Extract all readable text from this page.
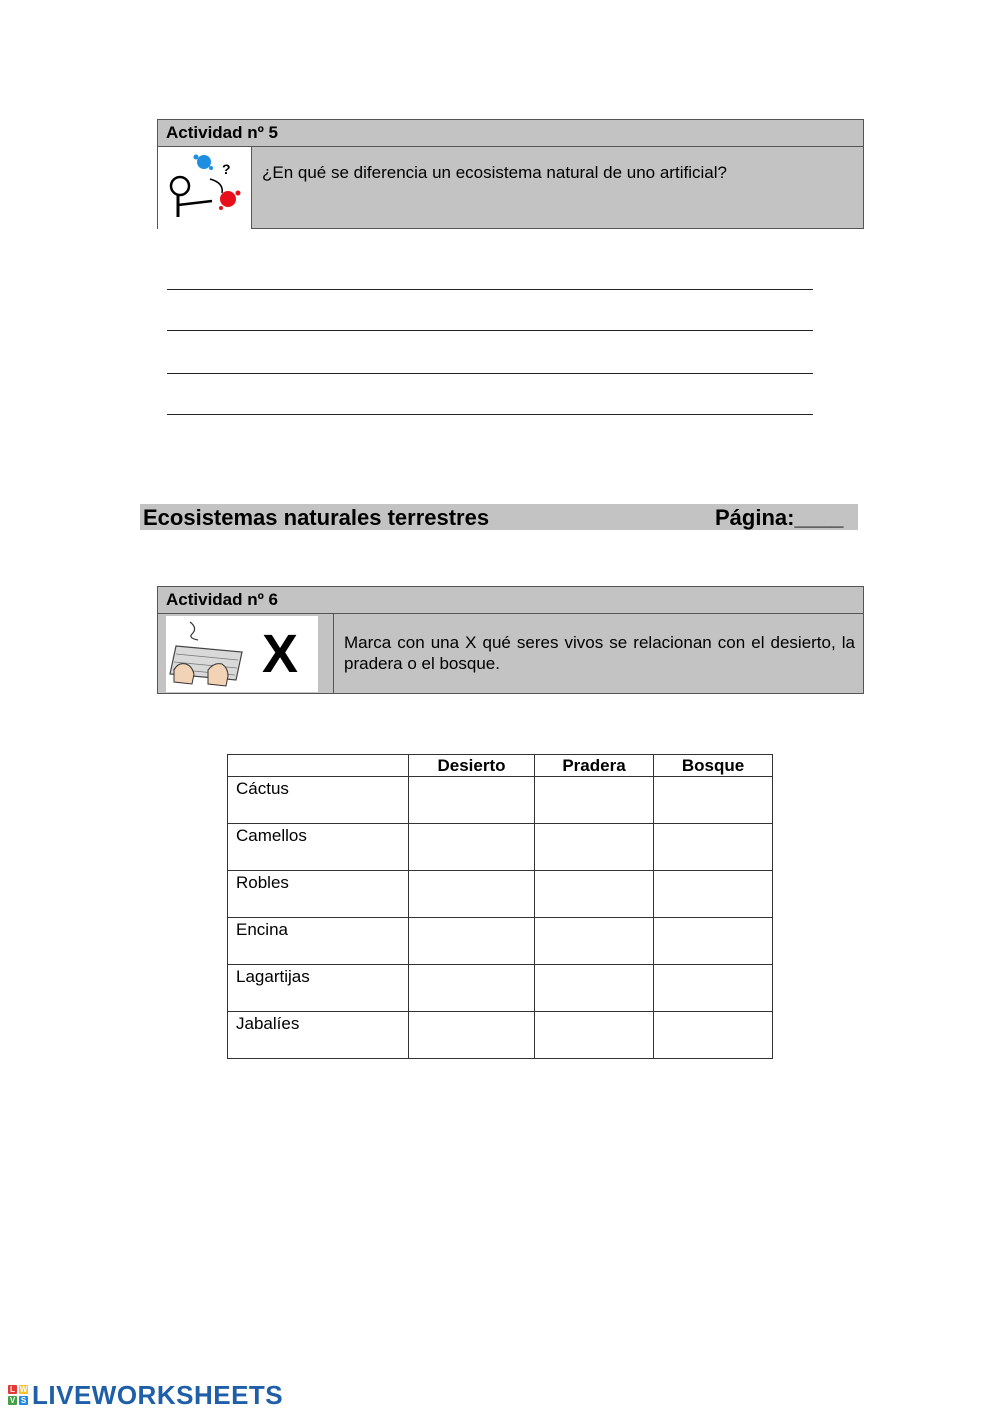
Actividad nº 5
?	¿En qué se diferencia un ecosistema natural de uno artificial?
Ecosistemas naturales terrestres	Página:____
Actividad nº 6
X	Marca con una X qué seres vivos se relacionan con el desierto, la pradera o el bosque.
	Desierto	Pradera	Bosque
Cáctus			
Camellos			
Robles			
Encina			
Lagartijas			
Jabalíes			
L W
V S LIVEWORKSHEETS
